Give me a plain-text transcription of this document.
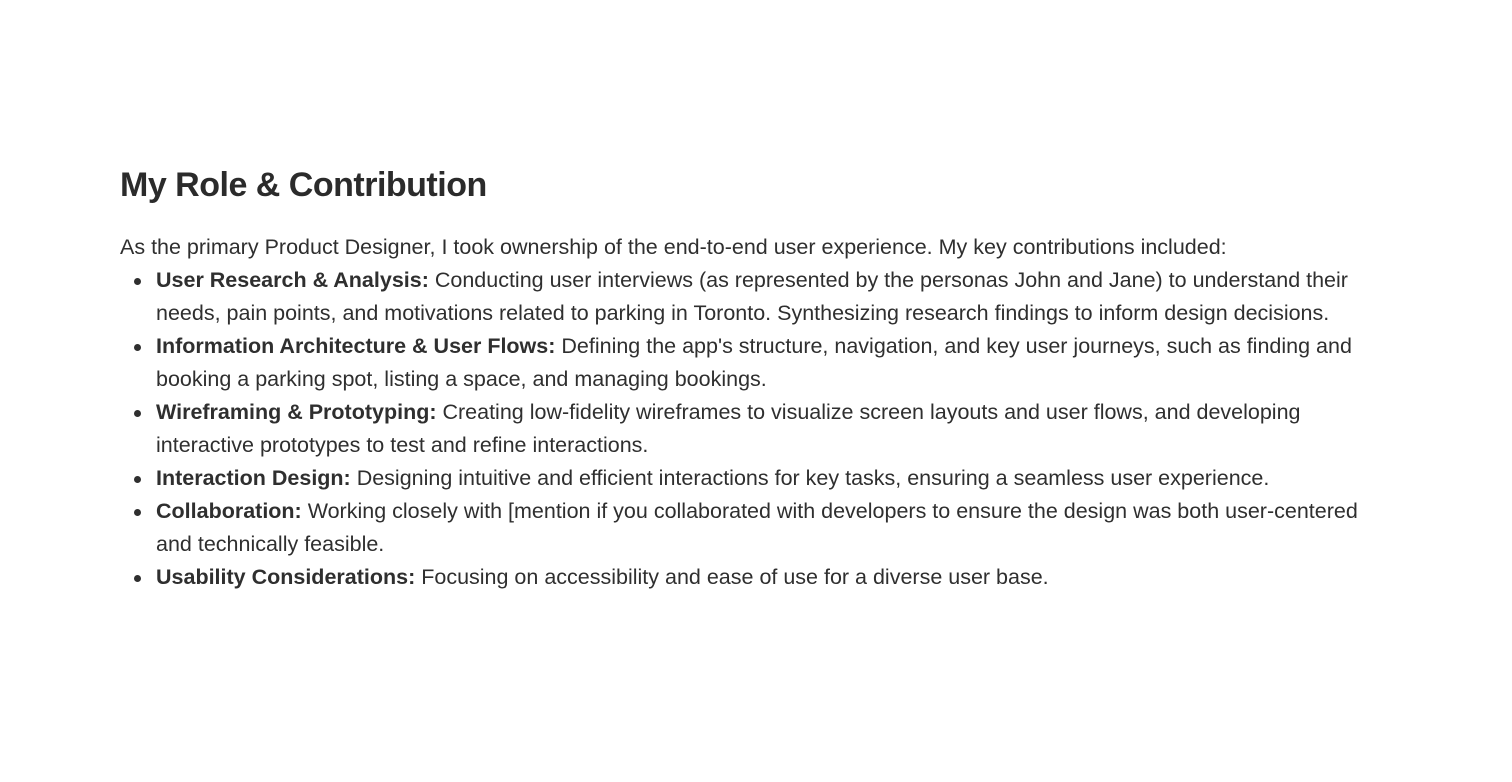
My Role & Contribution

As the primary Product Designer, I took ownership of the end-to-end user experience. My key contributions included:

User Research & Analysis: Conducting user interviews (as represented by the personas John and Jane) to understand their needs, pain points, and motivations related to parking in Toronto. Synthesizing research findings to inform design decisions.
Information Architecture & User Flows: Defining the app's structure, navigation, and key user journeys, such as finding and booking a parking spot, listing a space, and managing bookings.
Wireframing & Prototyping: Creating low-fidelity wireframes to visualize screen layouts and user flows, and developing interactive prototypes to test and refine interactions.
Interaction Design: Designing intuitive and efficient interactions for key tasks, ensuring a seamless user experience.
Collaboration: Working closely with [mention if you collaborated with developers to ensure the design was both user-centered and technically feasible.
Usability Considerations: Focusing on accessibility and ease of use for a diverse user base.
